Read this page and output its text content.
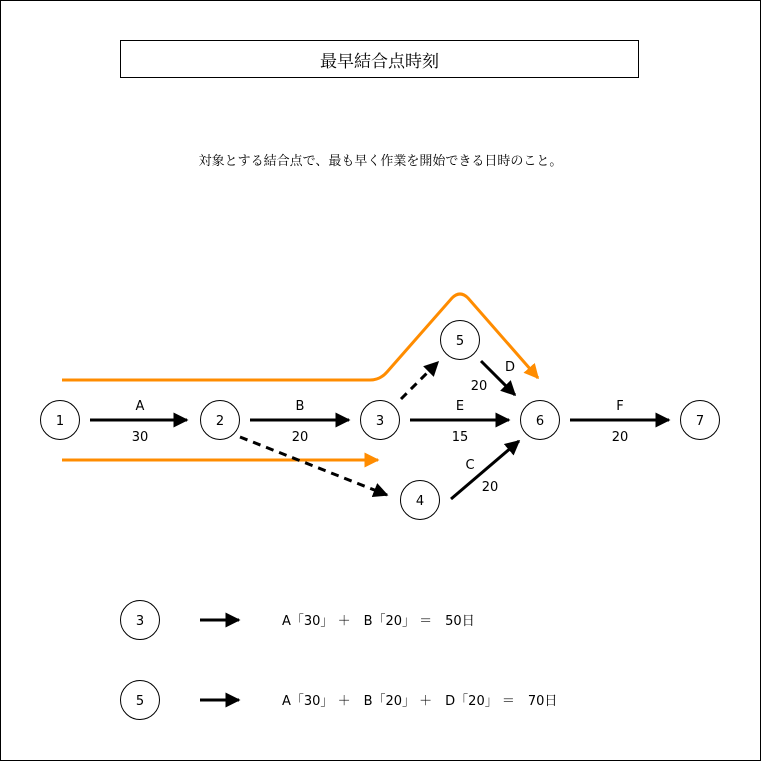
最早結合点時刻
対象とする結合点で、最も早く作業を開始できる日時のこと。
A
30
B
20
E
15
D
20
C
20
F
20
1	2	3
4
5
6	7
3	A「30」 ＋　B「20」 ＝　50日
5	A「30」 ＋　B「20」 ＋　D「20」 ＝　70日
